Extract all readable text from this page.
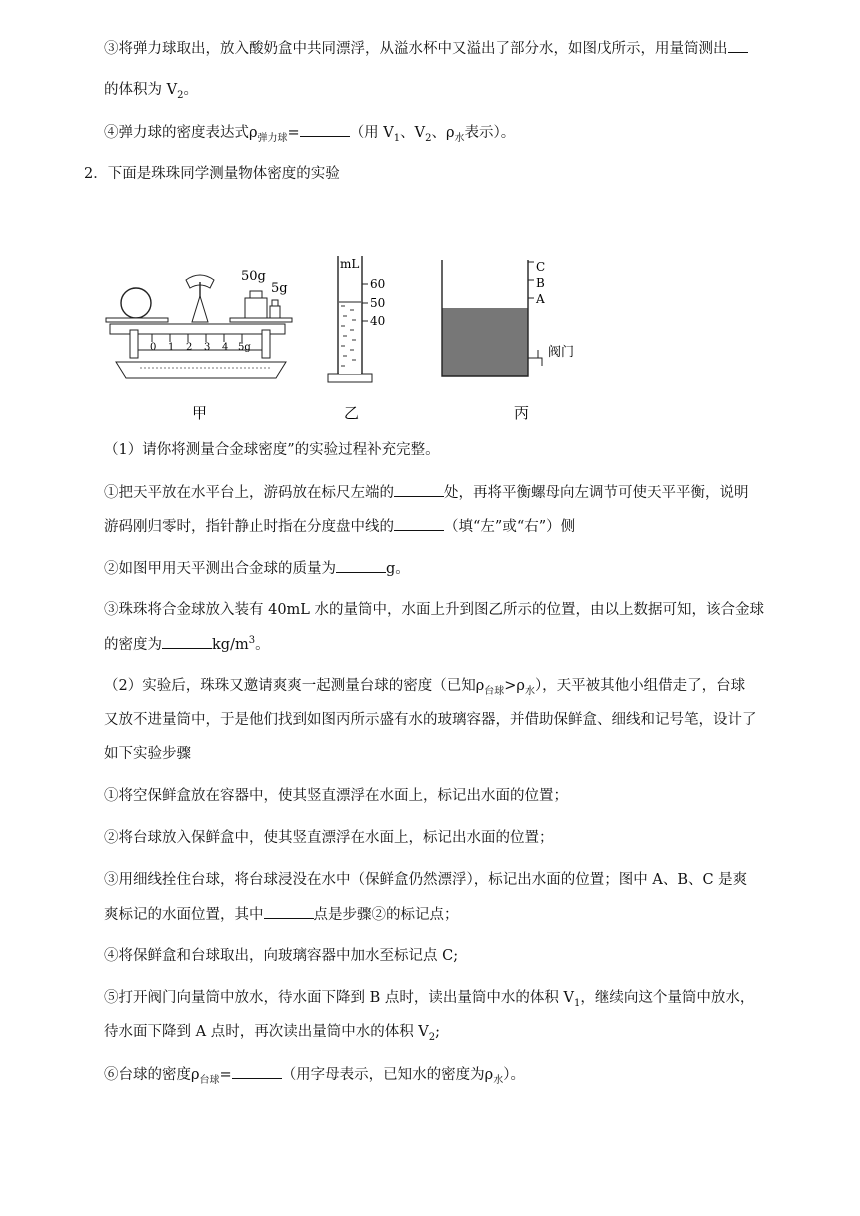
③将弹力球取出，放入酸奶盒中共同漂浮，从溢水杯中又溢出了部分水，如图戊所示，用量筒测出
的体积为 $V_2$。
④弹力球的密度表达式$\rho_{弹力球}=$	（用 $V_1$、$V_2$、$\rho_水$表示）。
2．下面是珠珠同学测量物体密度的实验
50g
5g
0 1 2 3 4 5g
甲
mL
60
50
40
乙
C
B
A
阀门
丙
（1）请你将测量合金球密度”的实验过程补充完整。
①把天平放在水平台上，游码放在标尺左端的	处，再将平衡螺母向左调节可使天平平衡，说明
游码刚归零时，指针静止时指在分度盘中线的	（填“左”或“右”）侧
②如图甲用天平测出合金球的质量为	g。
③珠珠将合金球放入装有 40mL 水的量筒中，水面上升到图乙所示的位置，由以上数据可知，该合金球
的密度为	$kg/m^3$。
（2）实验后，珠珠又邀请爽爽一起测量台球的密度（已知$\rho_{台球}>\rho_水$），天平被其他小组借走了，台球
又放不进量筒中，于是他们找到如图丙所示盛有水的玻璃容器，并借助保鲜盒、细线和记号笔，设计了
如下实验步骤
①将空保鲜盒放在容器中，使其竖直漂浮在水面上，标记出水面的位置；
②将台球放入保鲜盒中，使其竖直漂浮在水面上，标记出水面的位置；
③用细线拴住台球，将台球浸没在水中（保鲜盒仍然漂浮），标记出水面的位置；图中 A、B、C 是爽
爽标记的水面位置，其中	点是步骤②的标记点；
④将保鲜盒和台球取出，向玻璃容器中加水至标记点 C;
⑤打开阀门向量筒中放水，待水面下降到 B 点时，读出量筒中水的体积 $V_1$，继续向这个量筒中放水，
待水面下降到 A 点时，再次读出量筒中水的体积 $V_2$;
⑥台球的密度$\rho_{台球}=$	（用字母表示，已知水的密度为$\rho_水$）。
